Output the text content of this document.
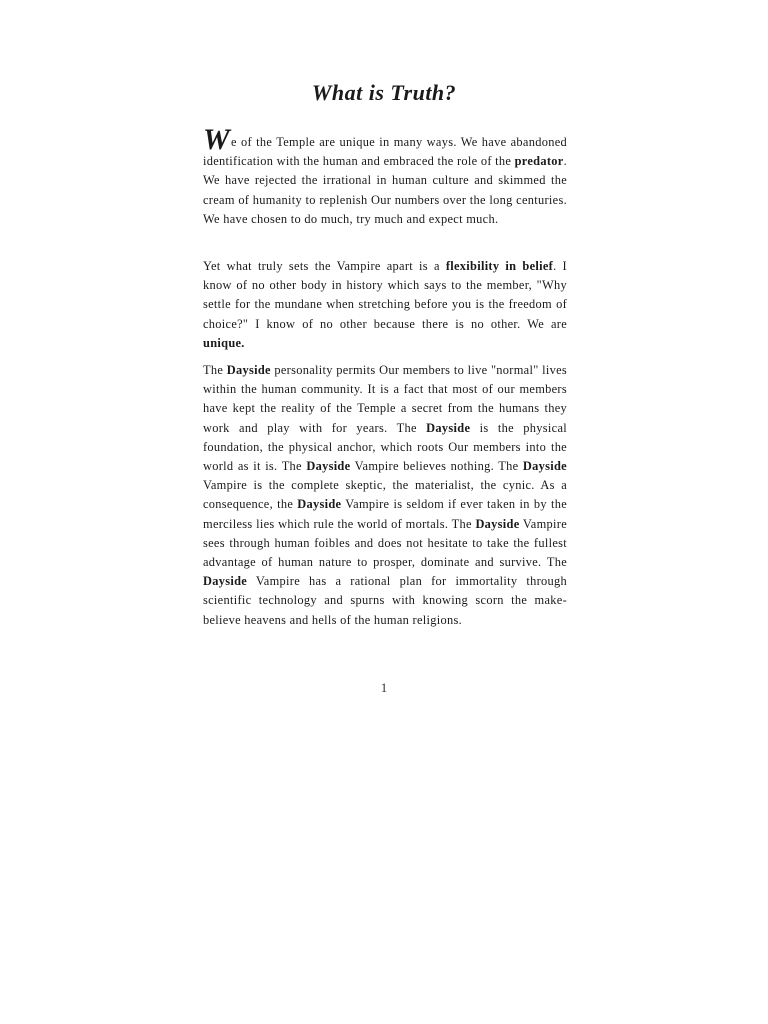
What is Truth?

We of the Temple are unique in many ways. We have abandoned identification with the human and embraced the role of the predator. We have rejected the irrational in human culture and skimmed the cream of humanity to replenish Our numbers over the long centuries. We have chosen to do much, try much and expect much.

Yet what truly sets the Vampire apart is a flexibility in belief. I know of no other body in history which says to the member, "Why settle for the mundane when stretching before you is the freedom of choice?" I know of no other because there is no other. We are unique.

The Dayside personality permits Our members to live "normal" lives within the human community. It is a fact that most of our members have kept the reality of the Temple a secret from the humans they work and play with for years. The Dayside is the physical foundation, the physical anchor, which roots Our members into the world as it is. The Dayside Vampire believes nothing. The Dayside Vampire is the complete skeptic, the materialist, the cynic. As a consequence, the Dayside Vampire is seldom if ever taken in by the merciless lies which rule the world of mortals. The Dayside Vampire sees through human foibles and does not hesitate to take the fullest advantage of human nature to prosper, dominate and survive. The Dayside Vampire has a rational plan for immortality through scientific technology and spurns with knowing scorn the make-believe heavens and hells of the human religions.

1
